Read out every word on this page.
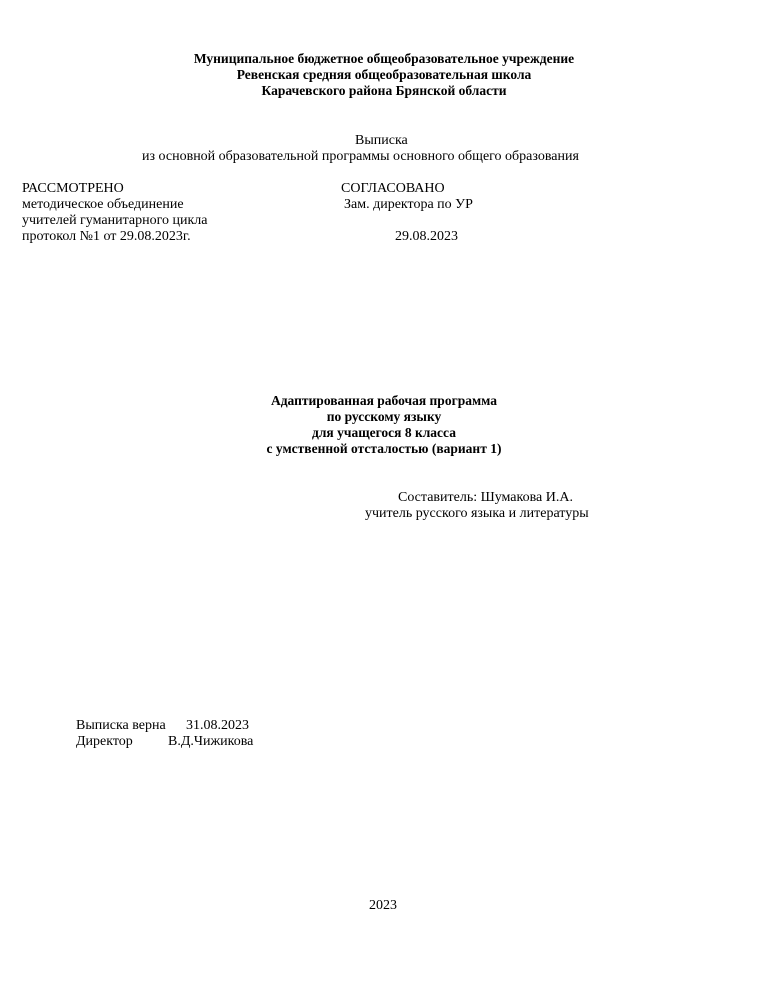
Муниципальное бюджетное общеобразовательное учреждение
Ревенская средняя общеобразовательная школа
Карачевского района Брянской области
Выписка
из основной образовательной программы основного общего образования
РАССМОТРЕНО
методическое объединение
учителей гуманитарного цикла
протокол №1 от 29.08.2023г.
СОГЛАСОВАНО
Зам. директора по УР
29.08.2023
Адаптированная рабочая программа
по русскому языку
для учащегося 8 класса
с умственной отсталостью (вариант 1)
Составитель: Шумакова И.А.
учитель русского языка и литературы
Выписка верна 31.08.2023
Директор	В.Д.Чижикова
2023
